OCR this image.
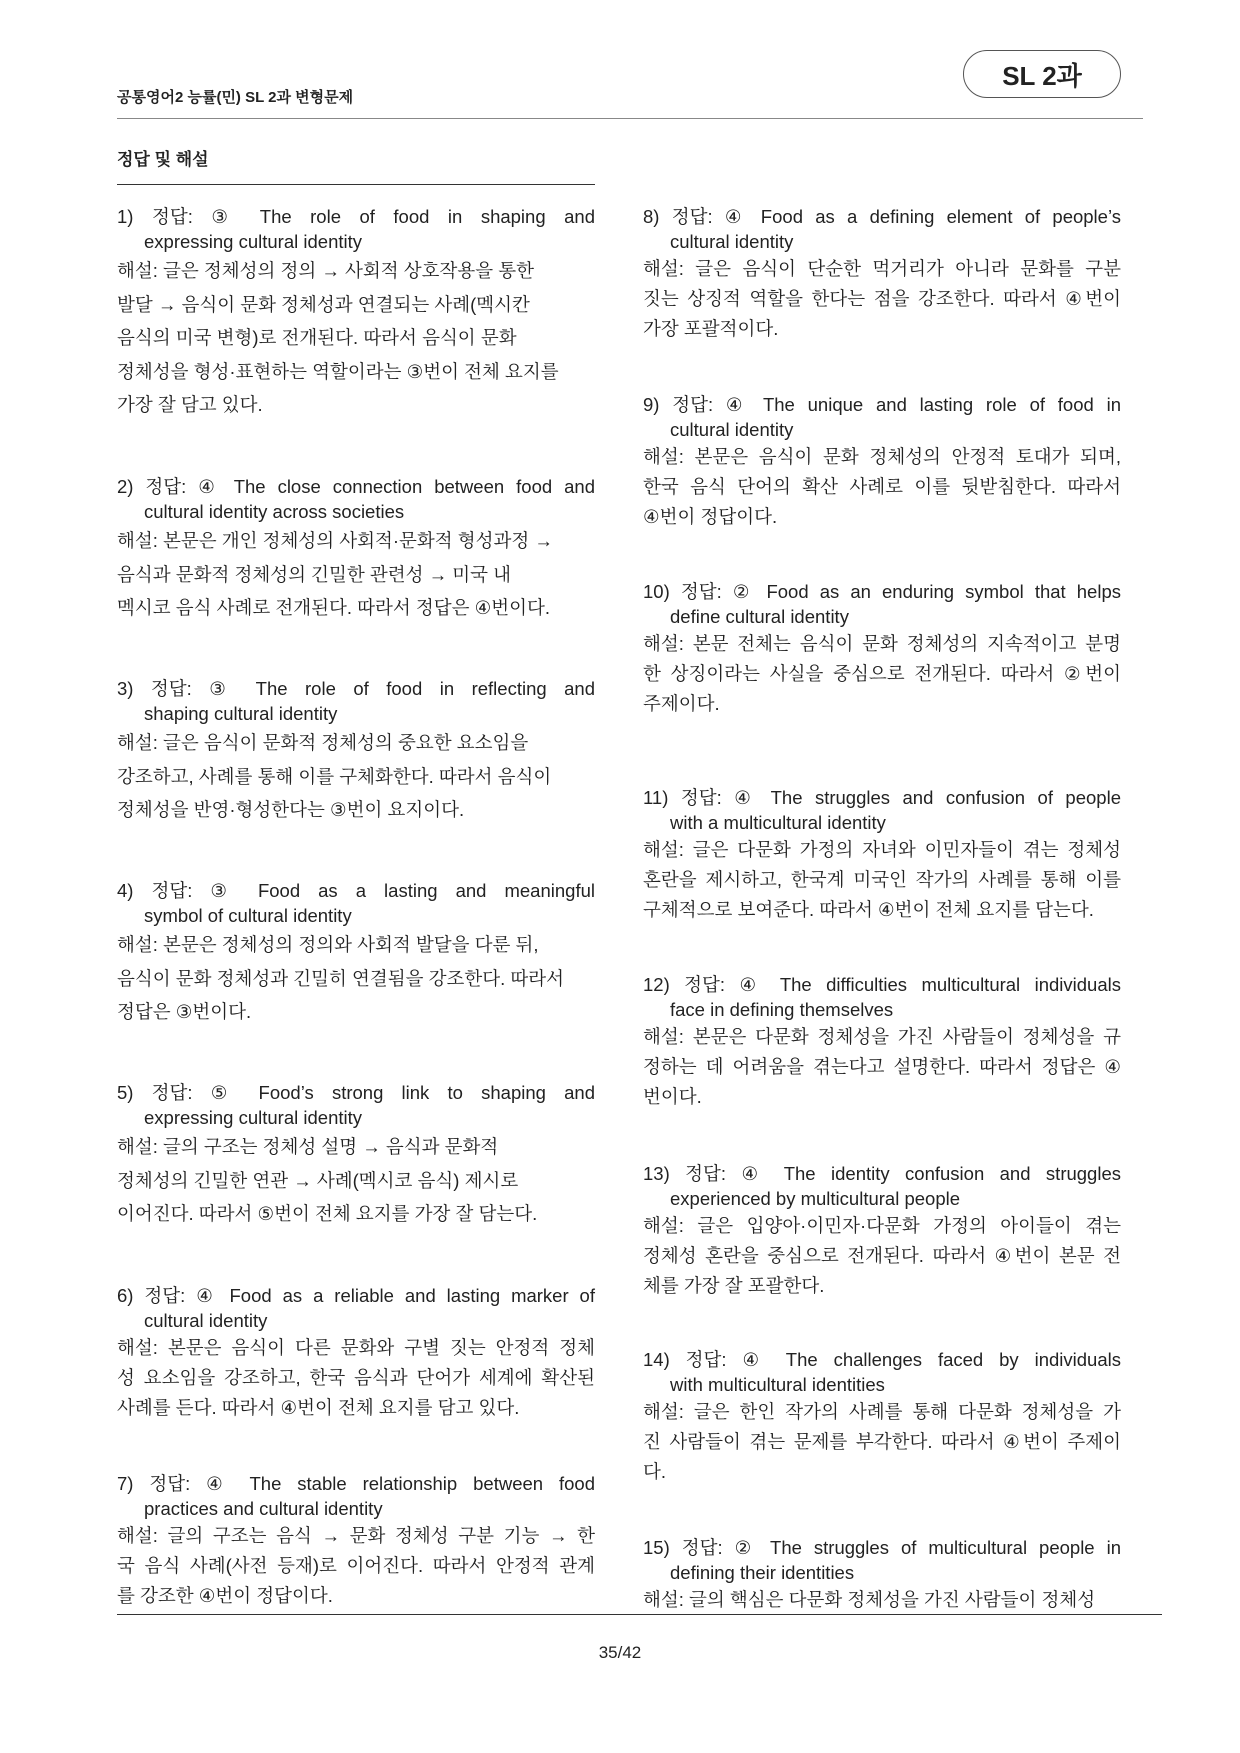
공통영어2 능률(민) SL 2과 변형문제
SL 2과
정답 및 해설
1) 정답: ③ The role of food in shaping and
expressing cultural identity
해설: 글은 정체성의 정의 → 사회적 상호작용을 통한
발달 → 음식이 문화 정체성과 연결되는 사례(멕시칸
음식의 미국 변형)로 전개된다. 따라서 음식이 문화
정체성을 형성·표현하는 역할이라는 ③번이 전체 요지를
가장 잘 담고 있다.
2) 정답: ④ The close connection between food and
cultural identity across societies
해설: 본문은 개인 정체성의 사회적·문화적 형성과정 →
음식과 문화적 정체성의 긴밀한 관련성 → 미국 내
멕시코 음식 사례로 전개된다. 따라서 정답은 ④번이다.
3) 정답: ③ The role of food in reflecting and
shaping cultural identity
해설: 글은 음식이 문화적 정체성의 중요한 요소임을
강조하고, 사례를 통해 이를 구체화한다. 따라서 음식이
정체성을 반영·형성한다는 ③번이 요지이다.
4) 정답: ③ Food as a lasting and meaningful
symbol of cultural identity
해설: 본문은 정체성의 정의와 사회적 발달을 다룬 뒤,
음식이 문화 정체성과 긴밀히 연결됨을 강조한다. 따라서
정답은 ③번이다.
5) 정답: ⑤ Food’s strong link to shaping and
expressing cultural identity
해설: 글의 구조는 정체성 설명 → 음식과 문화적
정체성의 긴밀한 연관 → 사례(멕시코 음식) 제시로
이어진다. 따라서 ⑤번이 전체 요지를 가장 잘 담는다.
6) 정답: ④ Food as a reliable and lasting marker of
cultural identity
해설: 본문은 음식이 다른 문화와 구별 짓는 안정적 정체
성 요소임을 강조하고, 한국 음식과 단어가 세계에 확산된
사례를 든다. 따라서 ④번이 전체 요지를 담고 있다.
7) 정답: ④ The stable relationship between food
practices and cultural identity
해설: 글의 구조는 음식 → 문화 정체성 구분 기능 → 한
국 음식 사례(사전 등재)로 이어진다. 따라서 안정적 관계
를 강조한 ④번이 정답이다.
8) 정답: ④ Food as a defining element of people’s
cultural identity
해설: 글은 음식이 단순한 먹거리가 아니라 문화를 구분
짓는 상징적 역할을 한다는 점을 강조한다. 따라서 ④번이
가장 포괄적이다.
9) 정답: ④ The unique and lasting role of food in
cultural identity
해설: 본문은 음식이 문화 정체성의 안정적 토대가 되며,
한국 음식 단어의 확산 사례로 이를 뒷받침한다. 따라서
④번이 정답이다.
10) 정답: ② Food as an enduring symbol that helps
define cultural identity
해설: 본문 전체는 음식이 문화 정체성의 지속적이고 분명
한 상징이라는 사실을 중심으로 전개된다. 따라서 ②번이
주제이다.
11) 정답: ④ The struggles and confusion of people
with a multicultural identity
해설: 글은 다문화 가정의 자녀와 이민자들이 겪는 정체성
혼란을 제시하고, 한국계 미국인 작가의 사례를 통해 이를
구체적으로 보여준다. 따라서 ④번이 전체 요지를 담는다.
12) 정답: ④ The difficulties multicultural individuals
face in defining themselves
해설: 본문은 다문화 정체성을 가진 사람들이 정체성을 규
정하는 데 어려움을 겪는다고 설명한다. 따라서 정답은 ④
번이다.
13) 정답: ④ The identity confusion and struggles
experienced by multicultural people
해설: 글은 입양아·이민자·다문화 가정의 아이들이 겪는
정체성 혼란을 중심으로 전개된다. 따라서 ④번이 본문 전
체를 가장 잘 포괄한다.
14) 정답: ④ The challenges faced by individuals
with multicultural identities
해설: 글은 한인 작가의 사례를 통해 다문화 정체성을 가
진 사람들이 겪는 문제를 부각한다. 따라서 ④번이 주제이
다.
15) 정답: ② The struggles of multicultural people in
defining their identities
해설: 글의 핵심은 다문화 정체성을 가진 사람들이 정체성
35/42
